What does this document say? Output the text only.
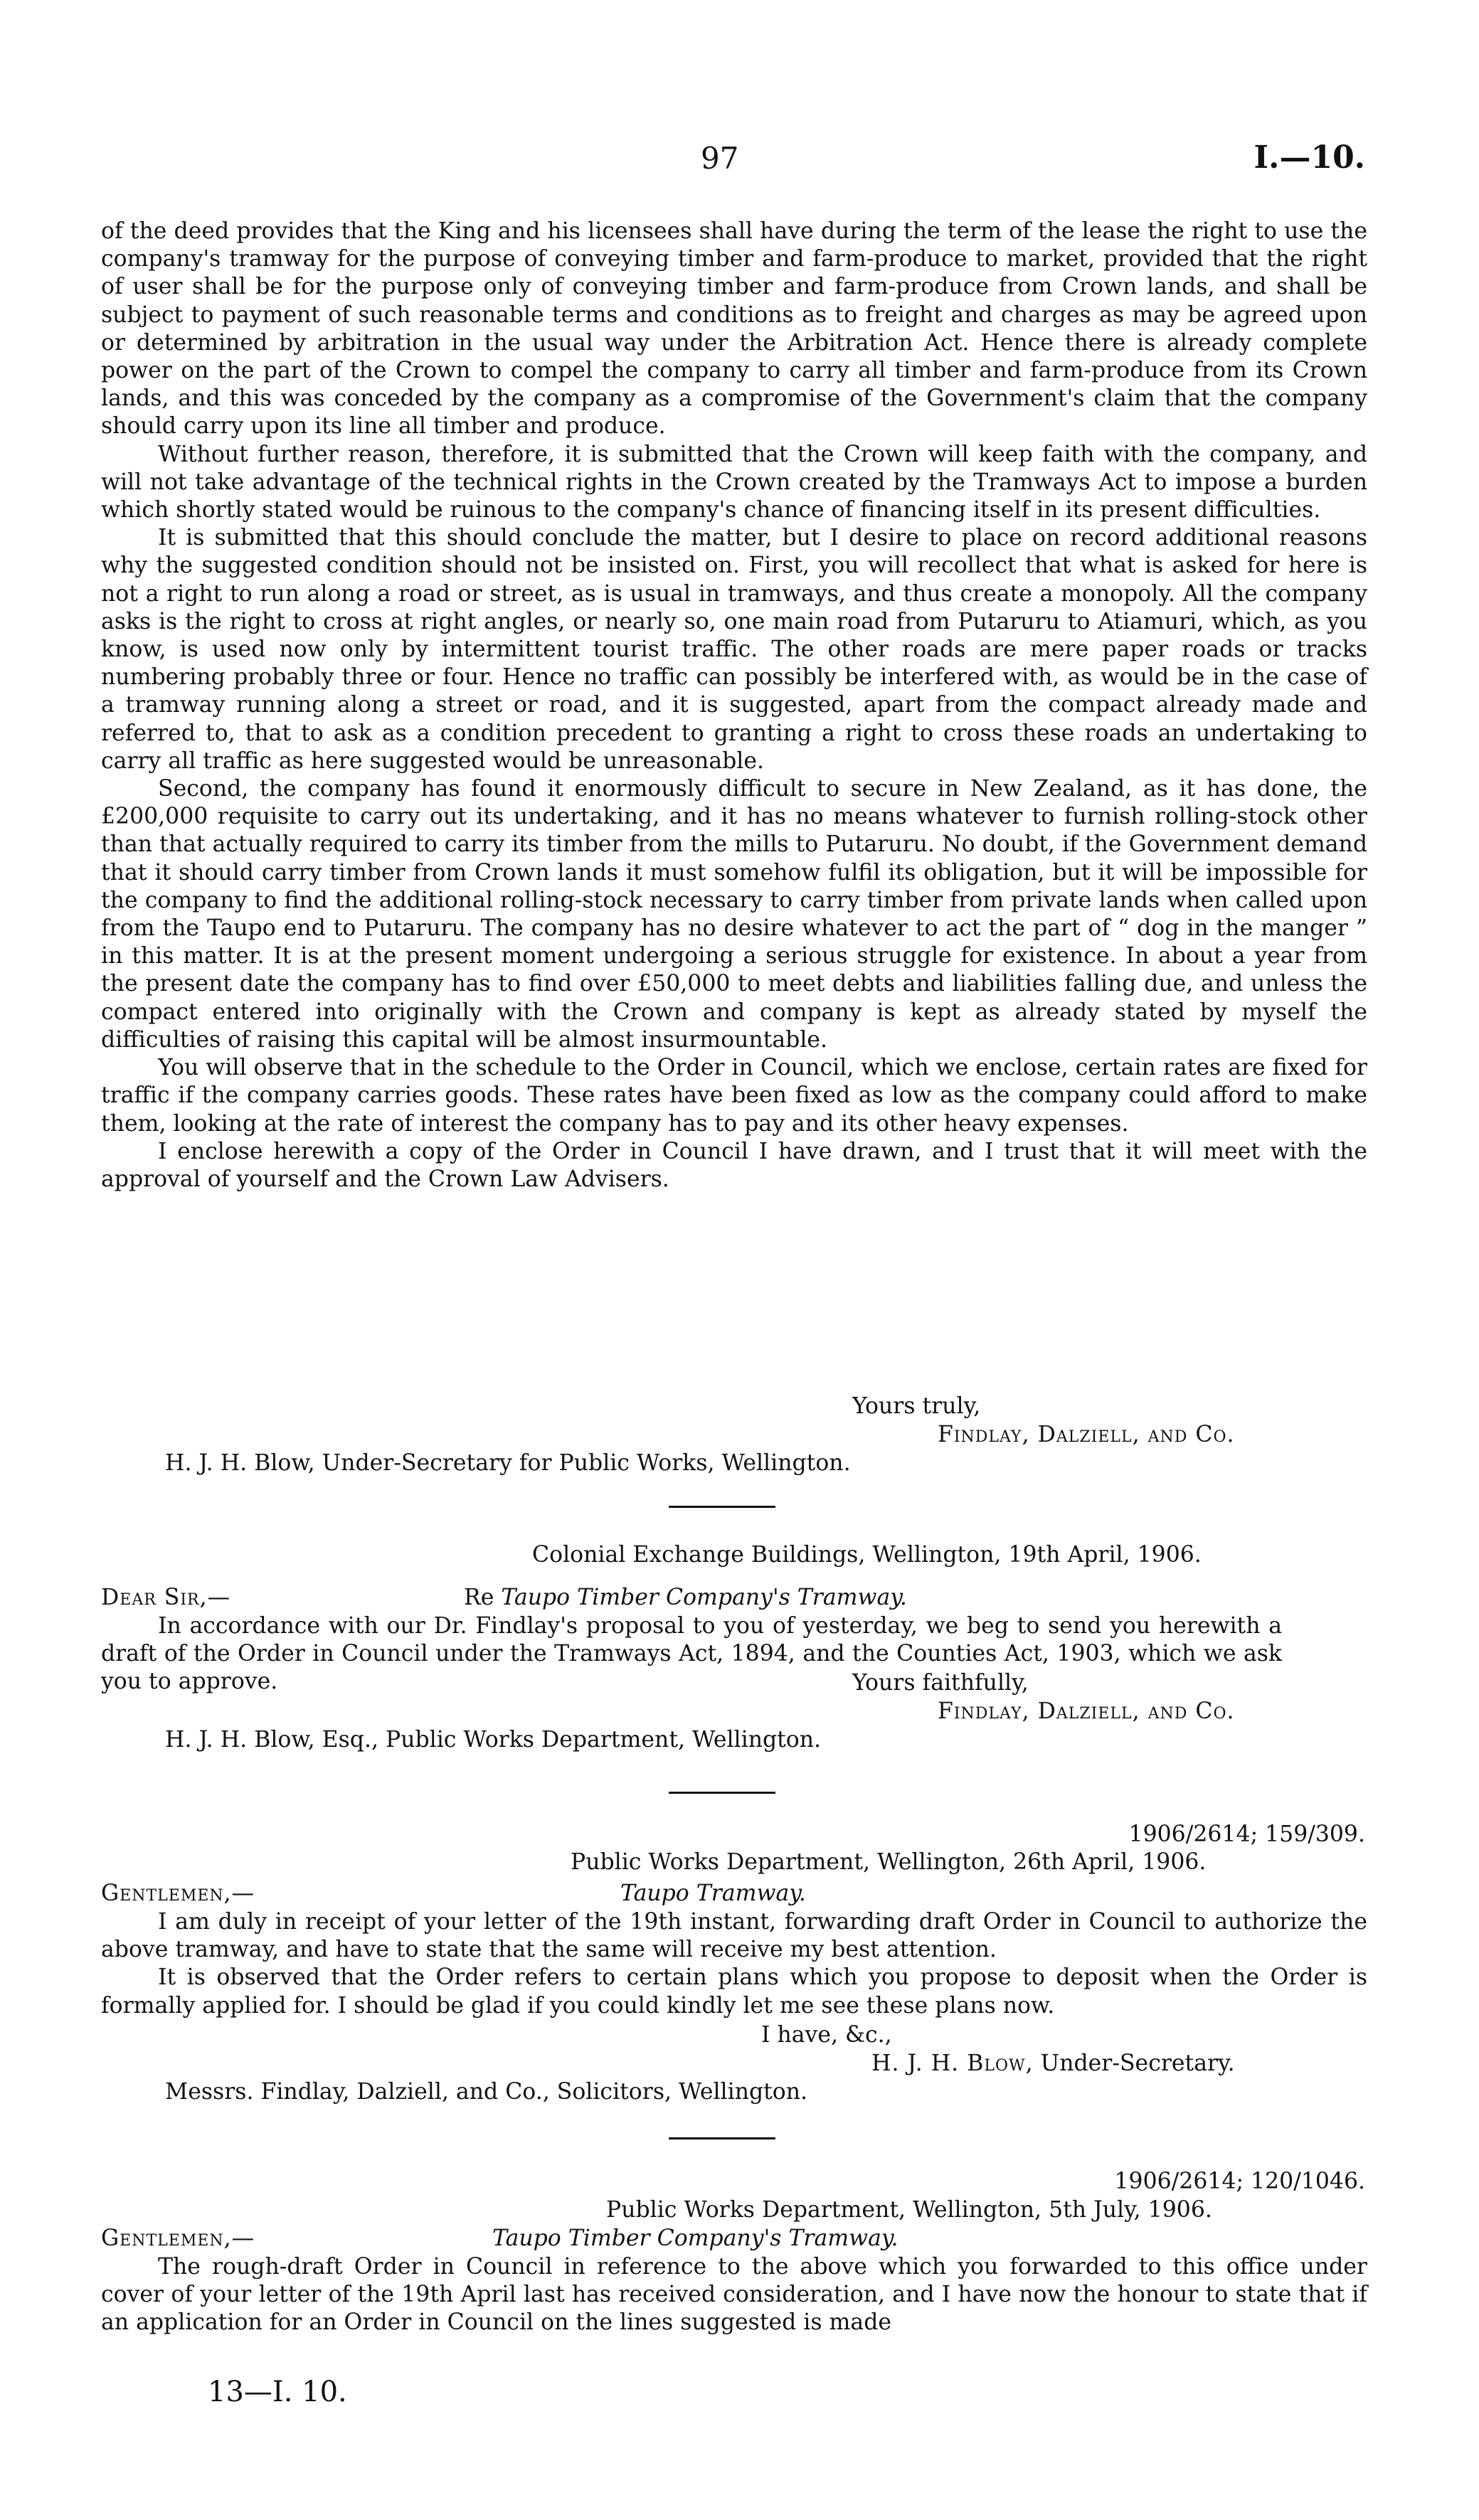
97	I.—10.

of the deed provides that the King and his licensees shall have during the term of the lease the right to use the company's tramway for the purpose of conveying timber and farm-produce to market, provided that the right of user shall be for the purpose only of conveying timber and farm-produce from Crown lands, and shall be subject to payment of such reasonable terms and conditions as to freight and charges as may be agreed upon or determined by arbitration in the usual way under the Arbitration Act. Hence there is already complete power on the part of the Crown to compel the company to carry all timber and farm-produce from its Crown lands, and this was conceded by the company as a compromise of the Government's claim that the company should carry upon its line all timber and produce.

Without further reason, therefore, it is submitted that the Crown will keep faith with the company, and will not take advantage of the technical rights in the Crown created by the Tramways Act to impose a burden which shortly stated would be ruinous to the company's chance of financing itself in its present difficulties.

It is submitted that this should conclude the matter, but I desire to place on record additional reasons why the suggested condition should not be insisted on. First, you will recollect that what is asked for here is not a right to run along a road or street, as is usual in tramways, and thus create a monopoly. All the company asks is the right to cross at right angles, or nearly so, one main road from Putaruru to Atiamuri, which, as you know, is used now only by intermittent tourist traffic. The other roads are mere paper roads or tracks numbering probably three or four. Hence no traffic can possibly be interfered with, as would be in the case of a tramway running along a street or road, and it is suggested, apart from the compact already made and referred to, that to ask as a condition precedent to granting a right to cross these roads an undertaking to carry all traffic as here suggested would be unreasonable.

Second, the company has found it enormously difficult to secure in New Zealand, as it has done, the £200,000 requisite to carry out its undertaking, and it has no means whatever to furnish rolling-stock other than that actually required to carry its timber from the mills to Putaruru. No doubt, if the Government demand that it should carry timber from Crown lands it must somehow fulfil its obligation, but it will be impossible for the company to find the additional rolling-stock necessary to carry timber from private lands when called upon from the Taupo end to Putaruru. The company has no desire whatever to act the part of “ dog in the manger ” in this matter. It is at the present moment undergoing a serious struggle for existence. In about a year from the present date the company has to find over £50,000 to meet debts and liabilities falling due, and unless the compact entered into originally with the Crown and company is kept as already stated by myself the difficulties of raising this capital will be almost insurmountable.

You will observe that in the schedule to the Order in Council, which we enclose, certain rates are fixed for traffic if the company carries goods. These rates have been fixed as low as the company could afford to make them, looking at the rate of interest the company has to pay and its other heavy expenses.

I enclose herewith a copy of the Order in Council I have drawn, and I trust that it will meet with the approval of yourself and the Crown Law Advisers.

Yours truly,
Findlay, Dalziell, and Co.
H. J. H. Blow, Under-Secretary for Public Works, Wellington.
Colonial Exchange Buildings, Wellington, 19th April, 1906.
Dear Sir,—	Re Taupo Timber Company's Tramway.

In accordance with our Dr. Findlay's proposal to you of yesterday, we beg to send you herewith a draft of the Order in Council under the Tramways Act, 1894, and the Counties Act, 1903, which we ask you to approve.	Yours faithfully,
Findlay, Dalziell, and Co.
H. J. H. Blow, Esq., Public Works Department, Wellington.
1906/2614; 159/309.
Public Works Department, Wellington, 26th April, 1906.
Gentlemen,—	Taupo Tramway.

I am duly in receipt of your letter of the 19th instant, forwarding draft Order in Council to authorize the above tramway, and have to state that the same will receive my best attention.

It is observed that the Order refers to certain plans which you propose to deposit when the Order is formally applied for. I should be glad if you could kindly let me see these plans now.

I have, &c.,
H. J. H. Blow, Under-Secretary.
Messrs. Findlay, Dalziell, and Co., Solicitors, Wellington.
1906/2614; 120/1046.
Public Works Department, Wellington, 5th July, 1906.
Gentlemen,—	Taupo Timber Company's Tramway.

The rough-draft Order in Council in reference to the above which you forwarded to this office under cover of your letter of the 19th April last has received consideration, and I have now the honour to state that if an application for an Order in Council on the lines suggested is made

13—I. 10.
